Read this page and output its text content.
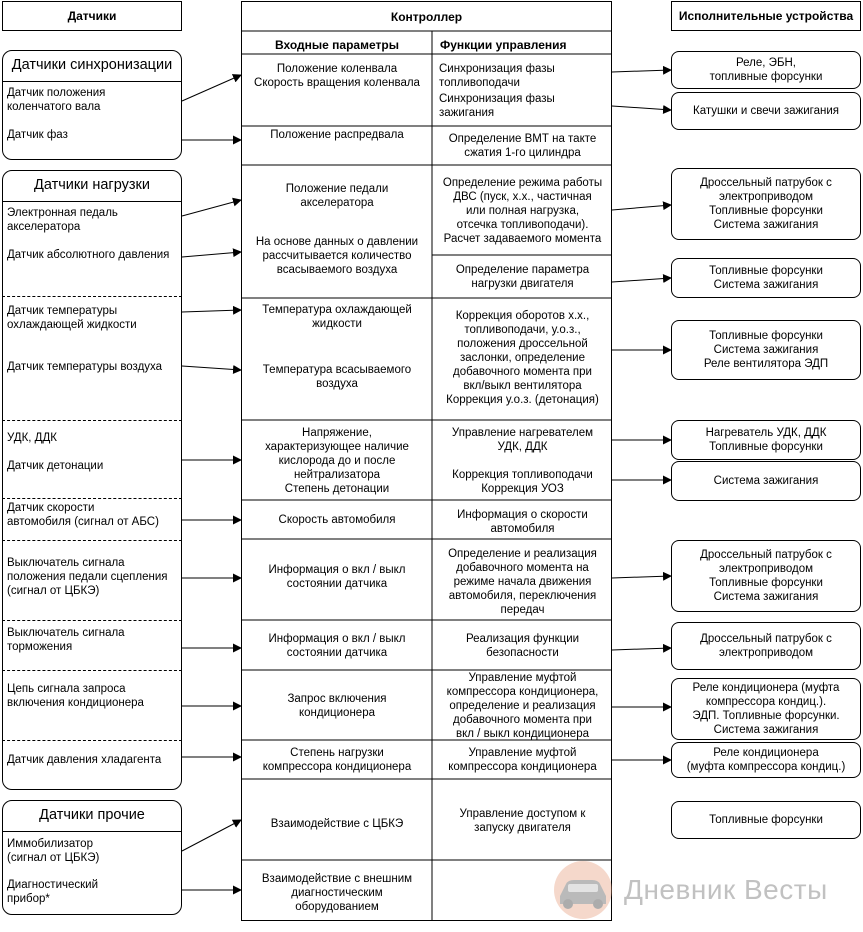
Датчики	Исполнительные устройства
Контроллер
Входные параметры	Функции управления
Датчики синхронизации
Датчики нагрузки
Датчики прочие
Датчик положения
коленчатого вала
Датчик фаз
Электронная педаль
акселератора
Датчик абсолютного давления
Датчик температуры
охлаждающей жидкости
Датчик температуры воздуха
УДК, ДДК
Датчик детонации
Датчик скорости
автомобиля (сигнал от АБС)
Выключатель сигнала
положения педали сцепления
(сигнал от ЦБКЭ)
Выключатель сигнала
торможения
Цепь сигнала запроса
включения кондиционера
Датчик давления хладагента
Иммобилизатор
(сигнал от ЦБКЭ)
Диагностический
прибор*
Положение коленвала
Скорость вращения коленвала
Положение распредвала
Положение педали
акселератора
На основе данных о давлении
рассчитывается количество
всасываемого воздуха
Температура охлаждающей
жидкости
Температура всасываемого
воздуха
Напряжение,
характеризующее наличие
кислорода до и после
нейтрализатора
Степень детонации
Скорость автомобиля
Информация о вкл / выкл
состоянии датчика
Информация о вкл / выкл
состоянии датчика
Запрос включения
кондиционера
Степень нагрузки
компрессора кондиционера
Взаимодействие с ЦБКЭ
Взаимодействие с внешним
диагностическим
оборудованием
Синхронизация фазы
топливоподачи
Синхронизация фазы
зажигания
Определение ВМТ на такте
сжатия 1-го цилиндра
Определение режима работы
ДВС (пуск, х.х., частичная
или полная нагрузка,
отсечка топливоподачи).
Расчет задаваемого момента
Определение параметра
нагрузки двигателя
Коррекция оборотов х.х.,
топливоподачи, у.о.з.,
положения дроссельной
заслонки, определение
добавочного момента при
вкл/выкл вентилятора
Коррекция у.о.з. (детонация)
Управление нагревателем
УДК, ДДК
Коррекция топливоподачи
Коррекция УОЗ
Информация о скорости
автомобиля
Определение и реализация
добавочного момента на
режиме начала движения
автомобиля, переключения
передач
Реализация функции
безопасности
Управление муфтой
компрессора кондиционера,
определение и реализация
добавочного момента при
вкл / выкл кондиционера
Управление муфтой
компрессора кондиционера
Управление доступом к
запуску двигателя
Реле, ЭБН,
топливные форсунки
Катушки и свечи зажигания
Дроссельный патрубок с
электроприводом
Топливные форсунки
Система зажигания
Топливные форсунки
Система зажигания
Топливные форсунки
Система зажигания
Реле вентилятора ЭДП
Нагреватель УДК, ДДК
Топливные форсунки
Система зажигания
Дроссельный патрубок с
электроприводом
Топливные форсунки
Система зажигания
Дроссельный патрубок с
электроприводом
Реле кондиционера (муфта
компрессора кондиц.).
ЭДП. Топливные форсунки.
Система зажигания
Реле кондиционера
(муфта компрессора кондиц.)
Топливные форсунки
Дневник Весты
